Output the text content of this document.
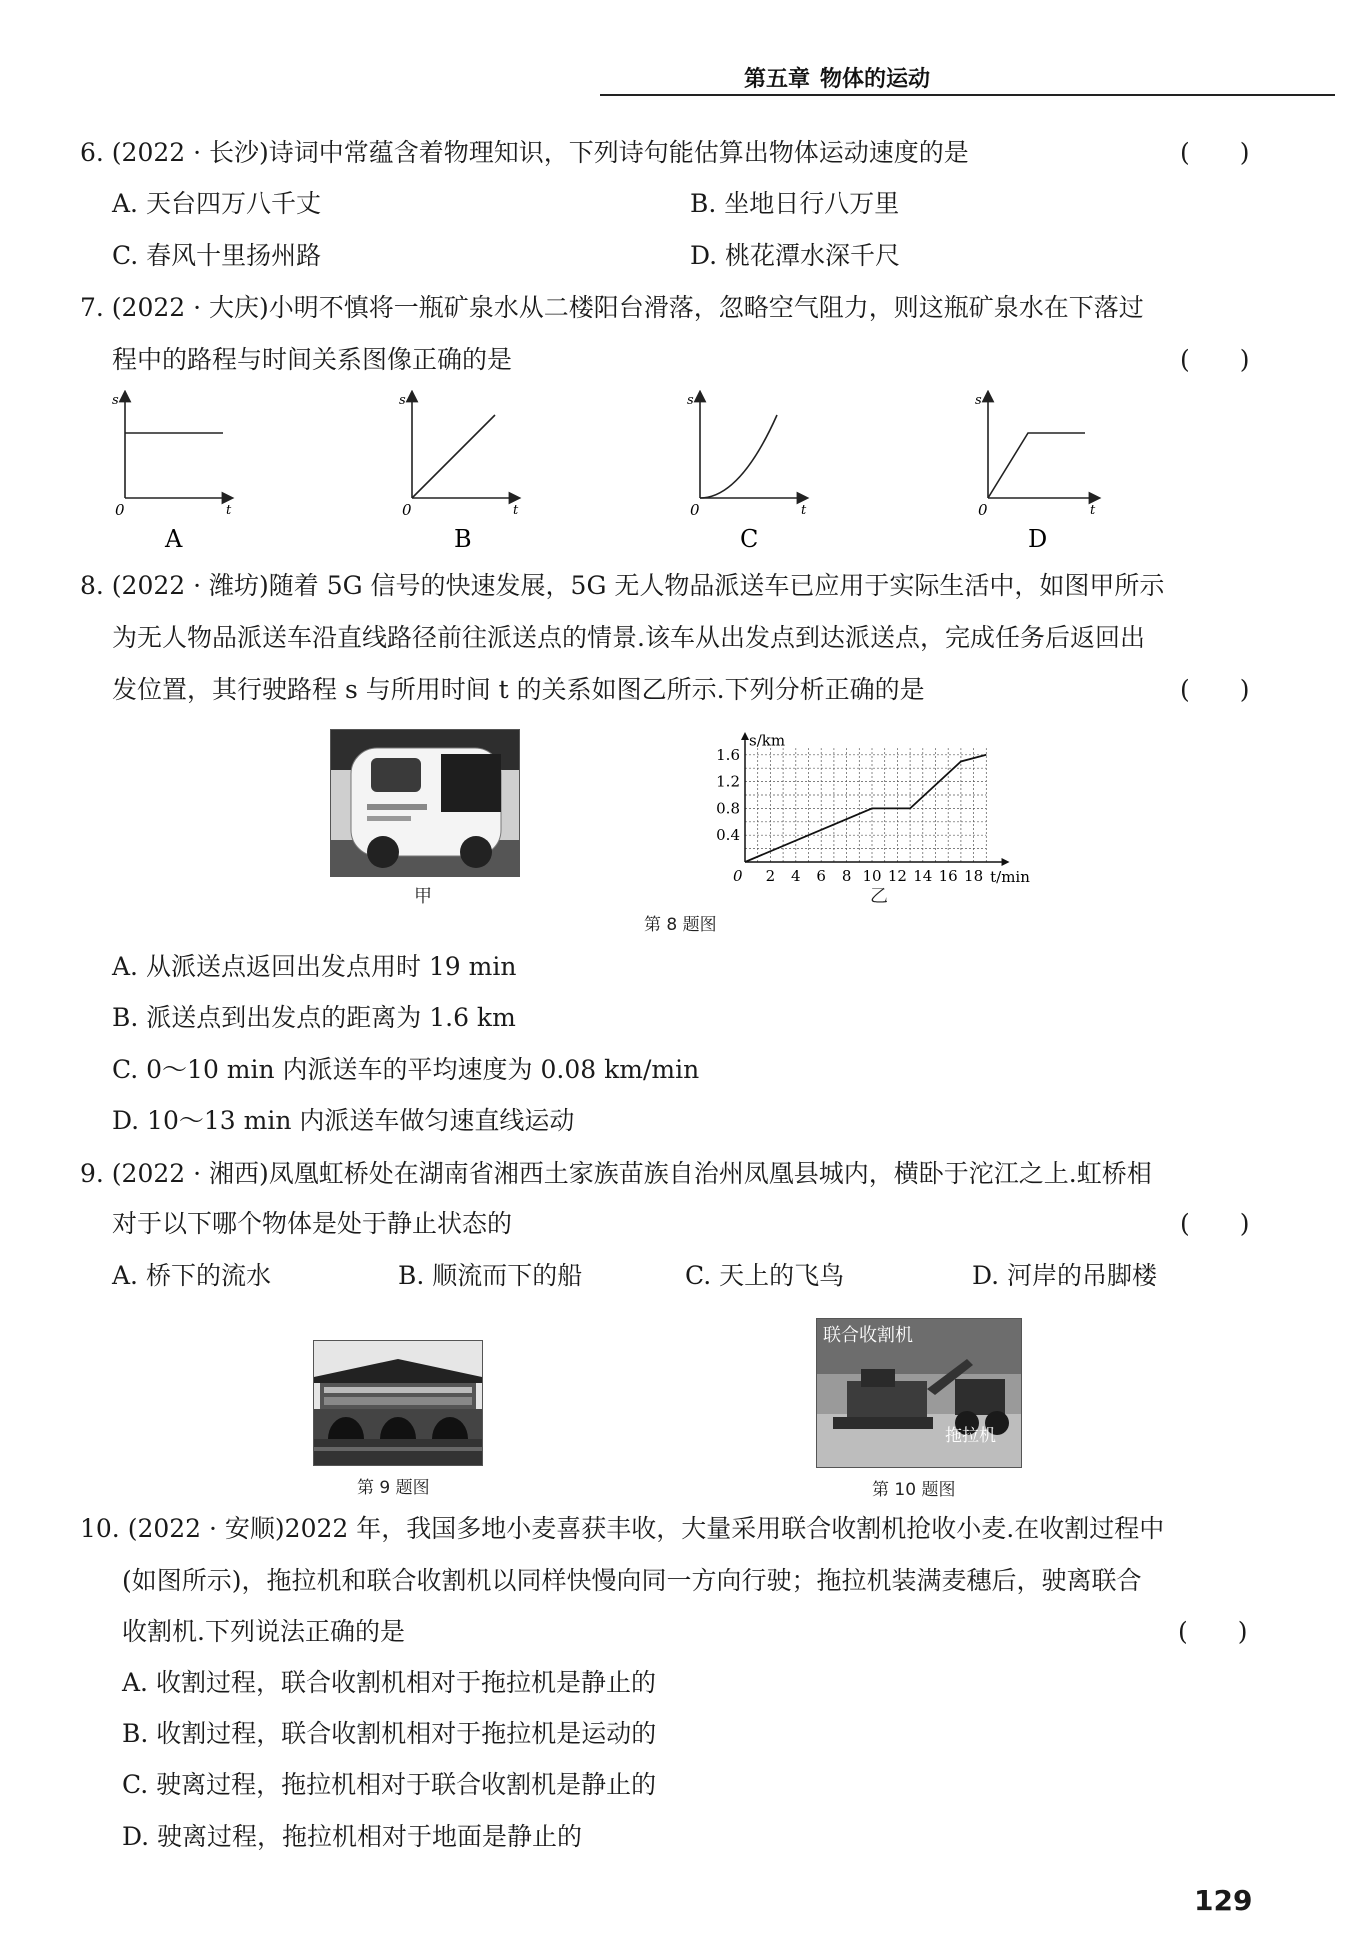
第五章 物体的运动
6. (2022 · 长沙)诗词中常蕴含着物理知识，下列诗句能估算出物体运动速度的是	(　　)
A. 天台四万八千丈	B. 坐地日行八万里
C. 春风十里扬州路	D. 桃花潭水深千尺
7. (2022 · 大庆)小明不慎将一瓶矿泉水从二楼阳台滑落，忽略空气阻力，则这瓶矿泉水在下落过
程中的路程与时间关系图像正确的是	(　　)
s
t
0
A
s
t
0
B
s
t
0
C
s
t
0
D
8. (2022 · 潍坊)随着 5G 信号的快速发展，5G 无人物品派送车已应用于实际生活中，如图甲所示
为无人物品派送车沿直线路径前往派送点的情景.该车从出发点到达派送点，完成任务后返回出
发位置，其行驶路程 s 与所用时间 t 的关系如图乙所示.下列分析正确的是	(　　)
甲
2 4 6 8 10 12 14 16 18
0.4
0.8
1.2
1.6
0	t/min
s/km
乙
第 8 题图
A. 从派送点返回出发点用时 19 min
B. 派送点到出发点的距离为 1.6 km
C. 0～10 min 内派送车的平均速度为 0.08 km/min
D. 10～13 min 内派送车做匀速直线运动
9. (2022 · 湘西)凤凰虹桥处在湖南省湘西土家族苗族自治州凤凰县城内，横卧于沱江之上.虹桥相
对于以下哪个物体是处于静止状态的	(　　)
A. 桥下的流水	B. 顺流而下的船	C. 天上的飞鸟	D. 河岸的吊脚楼
第 9 题图
联合收割机
拖拉机
第 10 题图
10. (2022 · 安顺)2022 年，我国多地小麦喜获丰收，大量采用联合收割机抢收小麦.在收割过程中
(如图所示)，拖拉机和联合收割机以同样快慢向同一方向行驶；拖拉机装满麦穗后，驶离联合
收割机.下列说法正确的是	(　　)
A. 收割过程，联合收割机相对于拖拉机是静止的
B. 收割过程，联合收割机相对于拖拉机是运动的
C. 驶离过程，拖拉机相对于联合收割机是静止的
D. 驶离过程，拖拉机相对于地面是静止的
129
